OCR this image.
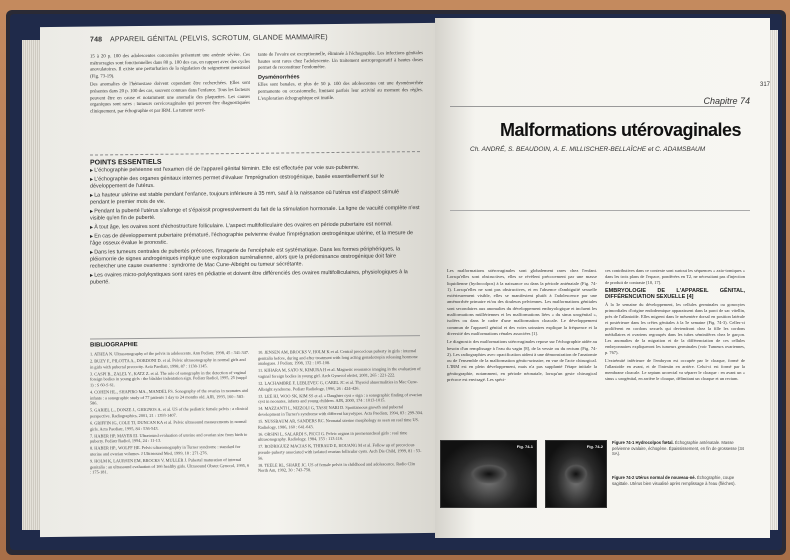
748 APPAREIL GÉNITAL (PELVIS, SCROTUM, GLANDE MAMMAIRE)

15 à 20 p. 100 des adolescentes concernées présentent une anémie sévère. Ces métrorragies sont fonctionnelles dans 80 p. 100 des cas, en rapport avec des cycles anovulatoires. Il existe une perturbation de la régulation du saignement menstruel (Fig. 73-19).

Des anomalies de l'hémostase doivent cependant être recherchées. Elles sont présentes dans 20 p. 100 des cas, souvent connues dans l'enfance. Tous les facteurs peuvent être en cause et notamment une anomalie des plaquettes. Les causes organiques sont rares : tumeurs cervicovaginales qui peuvent être diagnostiquées cliniquement, par échographie et par IRM. La tumeur secré-

tante de l'ovaire est exceptionnelle, éliminée à l'échographie. Les infections génitales hautes sont rares chez l'adolescente. Un traitement œstroprogestatif à hautes doses permet de reconstituer l'endomètre.

Dysménorrhées

Elles sont banales, et plus de 50 p. 100 des adolescentes ont une dysménorrhée permanente ou occasionnelle, limitant parfois leur activité au moment des règles. L'exploration échographique est inutile.

POINTS ESSENTIELS
▶ L'échographie pelvienne est l'examen clé de l'appareil génital féminin. Elle est effectuée par voie sus-pubienne.
▶ L'échographie des organes génitaux internes permet d'évaluer l'imprégnation œstrogénique, basée essentiellement sur le développement de l'utérus.
▶ La hauteur utérine est stable pendant l'enfance, toujours inférieure à 35 mm, sauf à la naissance où l'utérus est d'aspect stimulé pendant le premier mois de vie.
▶ Pendant la puberté l'utérus s'allonge et s'épaissit progressivement du fait de la stimulation hormonale. La ligne de vacuité complète n'est visible qu'en fin de puberté.
▶ À tout âge, les ovaires sont d'échostructure folliculaire. L'aspect multifolliculaire des ovaires en période pubertaire est normal.
▶ En cas de développement pubertaire prématuré, l'échographie pelvienne évalue l'imprégnation œstrogénique utérine, et la mesure de l'âge osseux évalue le pronostic.
▶ Dans les tumeurs centrales de pubertés précoces, l'imagerie de l'encéphale est systématique. Dans les formes périphériques, la pléiomorrie de signes androgéniques implique une exploration surrénalienne, alors que la prédominance œstrogénique doit faire rechercher une cause ovarienne : syndrome de Mac Cune-Albright ou tumeur sécrétante.
▶ Les ovaires micro-polykystiques sont rares en pédiatrie et doivent être différenciés des ovaires multifolliculaires, physiologiques à la puberté.
BIBLIOGRAPHIE
1. ATHEA N. Ultrasonography of the pelvis in adolescents. Ann Pediatr, 1998, 45 : 341-347.
2. BUZY F., PILOTTA A., DORDONI D. et al. Pelvic ultrasonography in normal girls and in girls with pubertal precocity. Acta Paediatr, 1998, 87 : 1138-1145.
3. CASPI B., ZALEL Y., KATZ Z. et al. The role of sonography in the detection of vaginal foreign bodies in young girls : the bladder indentation sign. Pediatr Radiol, 1995, 25 (suppl 1) : S 60-S 61.
4. COHEN HL., SHAPIRO MA., MANDEL FS. Sonography of the ovaries in neonates and infants : a sonographic study of 77 patients 1 day to 24 months old. AJR, 1993, 160 : 583-586.
5. GARIEL L., DONZE J., GHIGNOS A. et al. US of the pediatric female pelvis : a clinical perspective. Radiographics, 2001, 21 : 1393-1407.
6. GRIFFIN IG, COLE TJ, DUNCAN KA et al. Pelvic ultrasound measurements in normal girls. Acta Paediatr, 1995, 84 : 536-543.
7. HABER HP, MAYER EI. Ultrasound evaluation of uterine and ovarian size from birth to puberty. Pediatr Radiol, 1994, 24 : 11-13.
8. HABER HP., WOLFF HE. Pelvic ultrasonography in Turner syndrome : standard for uterine and ovarian volumes. J Ultrasound Med, 1999, 18 : 271-276.
9. HOLM K, LAURSEN EM, BROCKS V, MULLER J. Pubertal maturation of internal genitalia : an ultrasound evaluation of 166 healthy girls. Ultrasound Obstet Gynecol, 1995, 6 : 175-181.
10. JENSEN AM, BROCKS V, HOLM K et al. Central precocious puberty in girls : internal genitalia before, during and after treatment with long acting gonadotropin releasing hormone analogues. J Pediatr, 1998, 132 : 105-108.
11. KIHARA M, SATO N, KIMURA H et al. Magnetic resonance imaging in the evaluation of vaginal foreign bodies in young girl. Arch Gynecol obstet, 2001, 265 : 221-222.
12. LACHAMBRE F, LEBLEVEC G, CAREL JC et al. Thyroid abnormalities in Mac Cune-Albright syndrome. Pediatr Radiology, 1996, 26 : 424-426.
13. LEE HJ, WOO SK, KIM SS et al. « Daughter cyst » sign : a sonographic finding of ovarian cyst in neonates, infants and young children. AJR, 2000, 174 : 1013-1015.
14. MAZZANTI L, NIZZOLI G, TASSI NARI D. Spontaneous growth and pubertal development in Turner's syndrome with different karyotypes. Acta Paediatr, 1994, 83 : 299-304.
15. NUSSBAUM AR, SANDERS RC. Neonatal uterine morphology as seen on real time US. Radiology, 1986, 160 : 641-643.
16. ORSINI L, SALARDI S, PICCI G. Pelvic organs in premenarcheal girls : real time ultrasonography. Radiology, 1984, 153 : 113-116.
17. RODRIGUEZ MACIAS K, THIBAUD E, HOUANG M et al. Follow up of precocious pseudo-puberty associated with isolated ovarian follicular cysts. Arch Dis Child, 1999, 81 : 53-56.
18. TEELE RL, SHARE JC. US of female pelvis in childhood and adolescence. Radio Clin North Am, 1992, 30 : 743-758.
317
Chapitre 74
Malformations utérovaginales
Ch. ANDRÉ, S. BEAUDOIN, A. E. MILLISCHER-BELLAÏCHE et C. ADAMSBAUM

Les malformations utérovaginales sont globalement rares chez l'enfant. Lorsqu'elles sont obstructives, elles se révèlent précocement par une masse liquidienne (hydrocolpos) à la naissance ou dans la période anténatale (Fig. 74-1). Lorsqu'elles ne sont pas obstructives, et en l'absence d'ambiguïté sexuelle extérieurement visible, elles se manifestent plutôt à l'adolescence par une aménorrhée primaire et/ou des douleurs pelviennes. Les malformations génitales sont secondaires aux anomalies du développement embryologique et incluent les malformations müllériennes et les malformations liées « du sinus urogénital », isolées ou dans le cadre d'une malformation cloacale. Le développement commun de l'appareil génital et des voies urinaires explique la fréquence et la diversité des malformations rénales associées [1].

Le diagnostic des malformations utérovaginales repose sur l'échographie aidée au besoin d'un remplissage à l'eau du vagin [8], de la vessie ou du rectum (Fig. 74-2). Les radiographies avec opacification aident à une démonstration de l'anatomie ou de l'ensemble de la malformation génito-urinaire, en vue de l'acte chirurgical. L'IRM est en plein développement, mais n'a pas supplanté l'étape initiale la génitographie, notamment, en période néonatale, lorsqu'un geste chirurgical précoce est envisagé. Les spéci-

ces contributives dans ce contexte sont surtout les séquences « axio-tomiques » dans les trois plans de l'espace, pondérées en T2, ne nécessitant pas d'injection de produit de contraste [10, 17].

EMBRYOLOGIE DE L'APPAREIL GÉNITAL, DIFFÉRENCIATION SEXUELLE [4]

À la 3e semaine du développement, les cellules germinales ou gonocytes primordiales d'origine endodermique apparaissent dans la paroi de sac vitellin, près de l'allantoïde. Elles migrent dans le mésentère dorsal en position latérale et postérieure dans les crêtes génitales à la 5e semaine (Fig. 74-3). Celles-ci prolifèrent en cordons sexuels qui deviendront chez la fille les cordons médullaires et ovariens regroupés dans les tubes séminifères chez le garçon. Les anomalies de la migration et de la différenciation de ces cellules embryonnaires expliqueront les tumeurs germinales (voir Tumeurs ovariennes, p. 767).

L'extrémité inférieure de l'embryon est occupée par le cloaque, formé de l'allantoïde en avant, et de l'intestin en arrière. Celui-ci est formé par la membrane cloacale. Le septum urorectal va séparer le cloaque : en avant un « sinus » urogénital, en arrière le cloaque, délimitant un cloaque et un rectum.

Fig. 74-1	Fig. 74-2
Figure 74-1 Hydrocolpos fœtal. Échographie anténatale. Masse pelvienne ovalaire, échogène. Épaississement, en fin de grossesse (34 SA).
Figure 74-2 Utérus normal de nouveau-né. Échographie, coupe sagittale. Utérus bien visualisé après remplissage à l'eau (flèches).
